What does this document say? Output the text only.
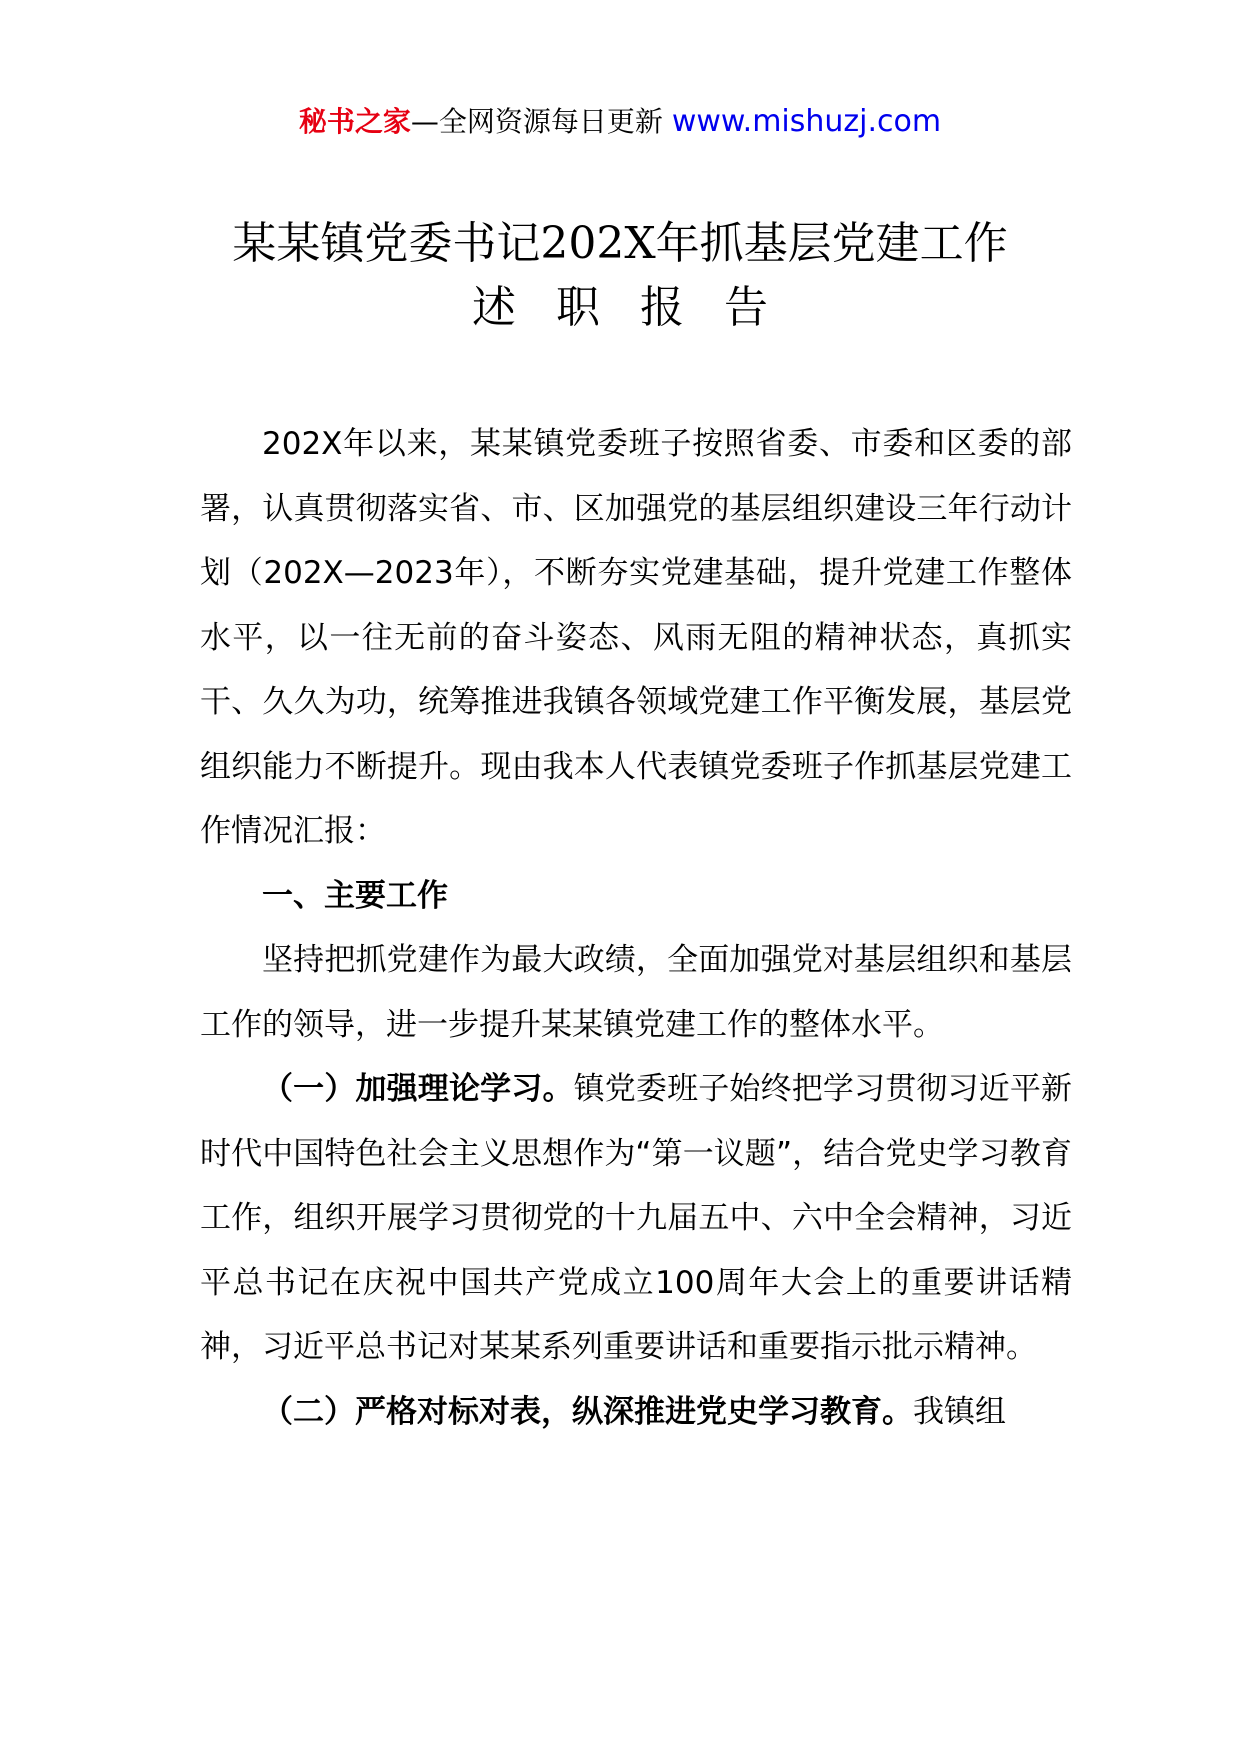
秘书之家—全网资源每日更新 www.mishuzj.com
某某镇党委书记202X年抓基层党建工作
述职报告

202X年以来，某某镇党委班子按照省委、市委和区委的部署，认真贯彻落实省、市、区加强党的基层组织建设三年行动计划（202X—2023年），不断夯实党建基础，提升党建工作整体水平，以一往无前的奋斗姿态、风雨无阻的精神状态，真抓实干、久久为功，统筹推进我镇各领域党建工作平衡发展，基层党组织能力不断提升。现由我本人代表镇党委班子作抓基层党建工作情况汇报：

一、主要工作

坚持把抓党建作为最大政绩，全面加强党对基层组织和基层工作的领导，进一步提升某某镇党建工作的整体水平。

（一）加强理论学习。镇党委班子始终把学习贯彻习近平新时代中国特色社会主义思想作为“第一议题”，结合党史学习教育工作，组织开展学习贯彻党的十九届五中、六中全会精神，习近平总书记在庆祝中国共产党成立100周年大会上的重要讲话精神，习近平总书记对某某系列重要讲话和重要指示批示精神。

（二）严格对标对表，纵深推进党史学习教育。我镇组
